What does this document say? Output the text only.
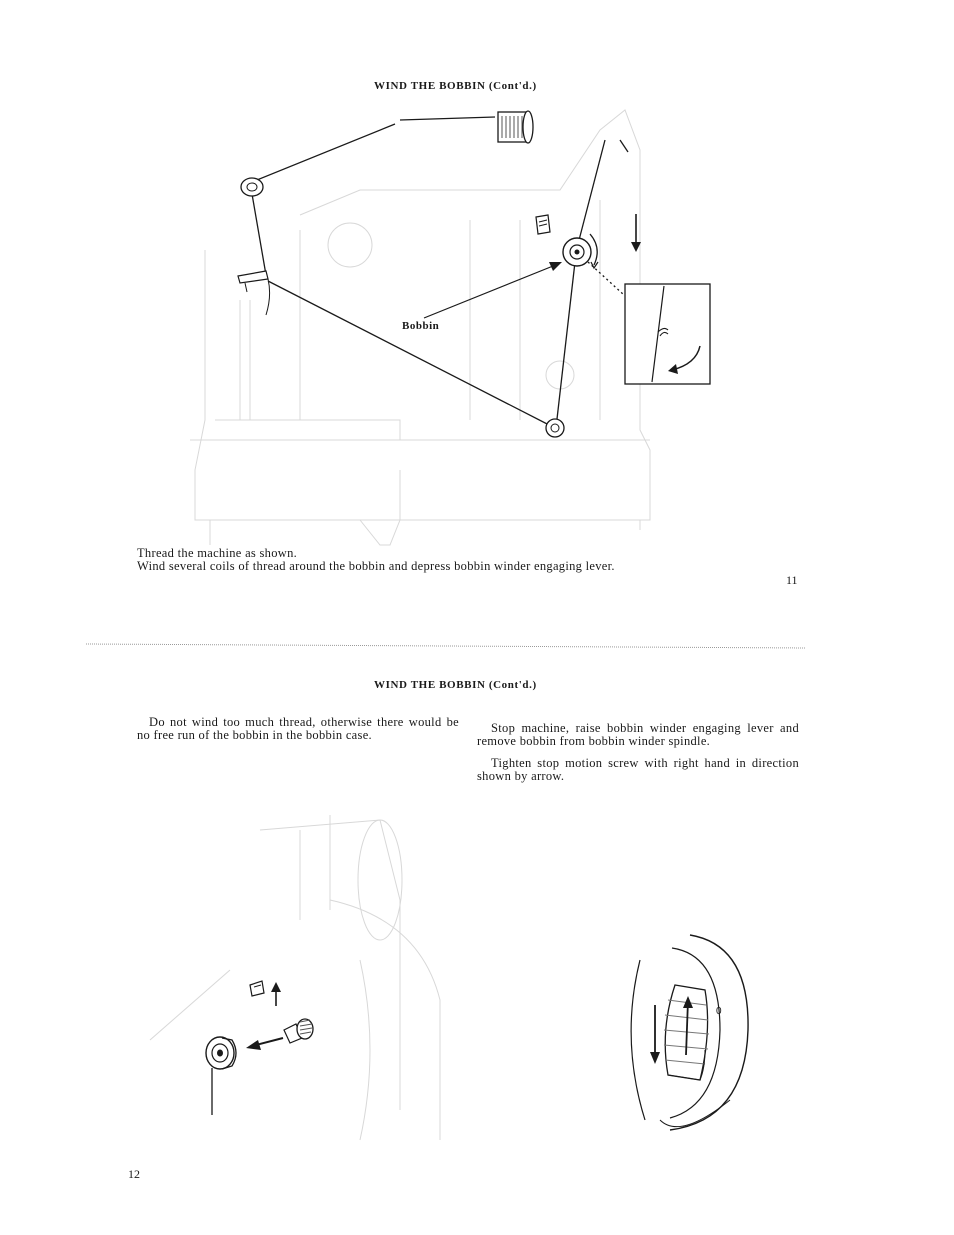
WIND THE BOBBIN (Cont'd.)
Bobbin
Thread the machine as shown.
Wind several coils of thread around the bobbin and depress bobbin winder engaging lever.
11
WIND THE BOBBIN (Cont'd.)
Do not wind too much thread, otherwise there would be no free run of the bobbin in the bobbin case.	Stop machine, raise bobbin winder engaging lever and remove bobbin from bobbin winder spindle.
Tighten stop motion screw with right hand in direction shown by arrow.
0
12
